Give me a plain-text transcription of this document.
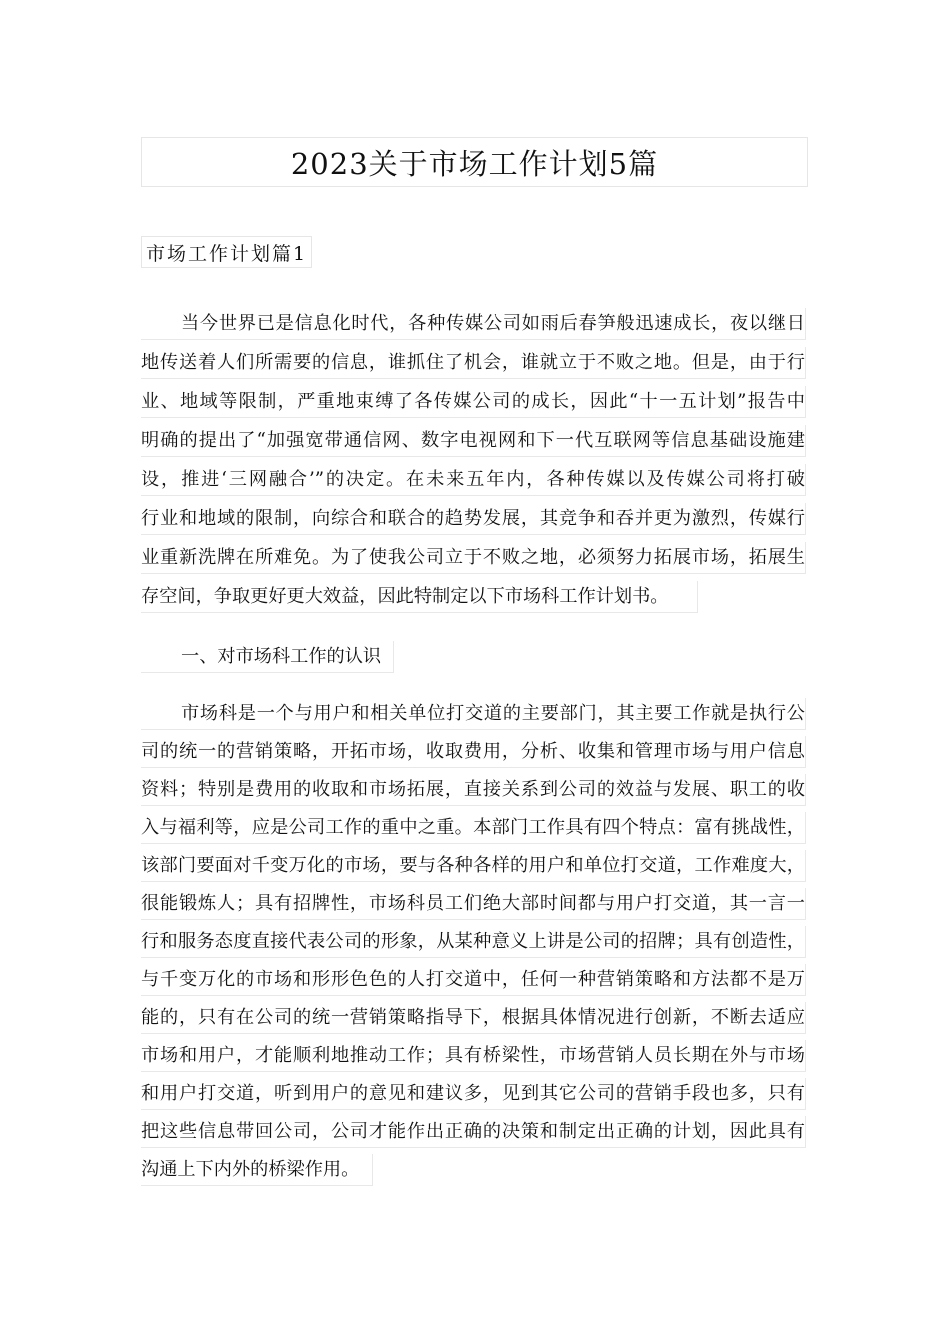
2023关于市场工作计划5篇
市场工作计划篇1
当今世界已是信息化时代，各种传媒公司如雨后春笋般迅速成长，夜以继日
地传送着人们所需要的信息，谁抓住了机会，谁就立于不败之地。但是，由于行
业、地域等限制，严重地束缚了各传媒公司的成长，因此“十一五计划”报告中
明确的提出了“加强宽带通信网、数字电视网和下一代互联网等信息基础设施建
设，推进‘三网融合’”的决定。在未来五年内，各种传媒以及传媒公司将打破
行业和地域的限制，向综合和联合的趋势发展，其竞争和吞并更为激烈，传媒行
业重新洗牌在所难免。为了使我公司立于不败之地，必须努力拓展市场，拓展生
存空间，争取更好更大效益，因此特制定以下市场科工作计划书。
一、对市场科工作的认识
市场科是一个与用户和相关单位打交道的主要部门，其主要工作就是执行公
司的统一的营销策略，开拓市场，收取费用，分析、收集和管理市场与用户信息
资料；特别是费用的收取和市场拓展，直接关系到公司的效益与发展、职工的收
入与福利等，应是公司工作的重中之重。本部门工作具有四个特点：富有挑战性，
该部门要面对千变万化的市场，要与各种各样的用户和单位打交道，工作难度大，
很能锻炼人；具有招牌性，市场科员工们绝大部时间都与用户打交道，其一言一
行和服务态度直接代表公司的形象，从某种意义上讲是公司的招牌；具有创造性，
与千变万化的市场和形形色色的人打交道中，任何一种营销策略和方法都不是万
能的，只有在公司的统一营销策略指导下，根据具体情况进行创新，不断去适应
市场和用户，才能顺利地推动工作；具有桥梁性，市场营销人员长期在外与市场
和用户打交道，听到用户的意见和建议多，见到其它公司的营销手段也多，只有
把这些信息带回公司，公司才能作出正确的决策和制定出正确的计划，因此具有
沟通上下内外的桥梁作用。
